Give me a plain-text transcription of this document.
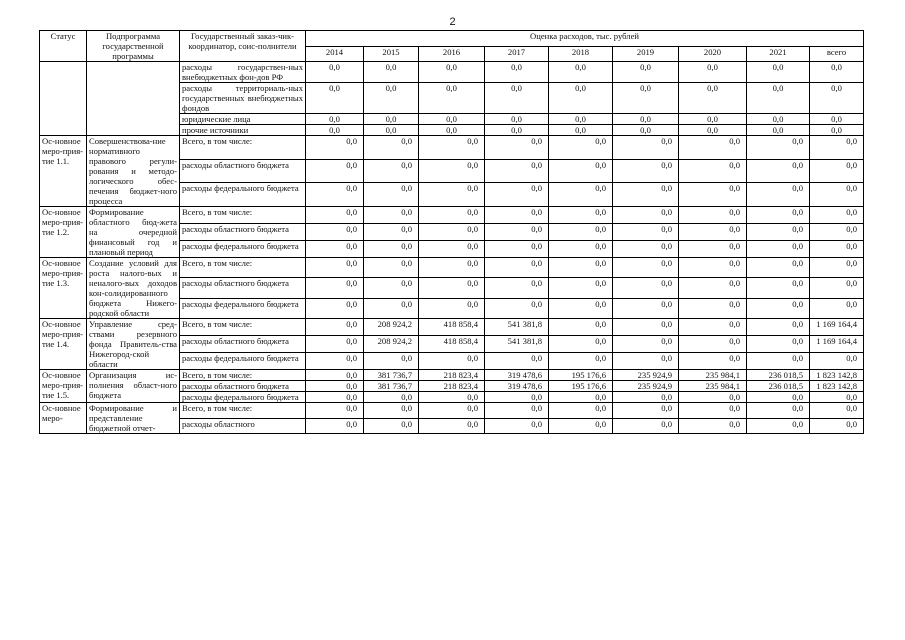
2
Статус	Подпрограмма государственной программы	Государственный заказ-чик-координатор, соис-полнители	Оценка расходов, тыс. рублей								
			2014	2015	2016	2017	2018	2019	2020	2021	всего
		расходы государствен-ных внебюджетных фон-дов РФ	0,0	0,0	0,0	0,0	0,0	0,0	0,0	0,0	0,0
		расходы территориаль-ных государственных внебюджетных фондов	0,0	0,0	0,0	0,0	0,0	0,0	0,0	0,0	0,0
		юридические лица	0,0	0,0	0,0	0,0	0,0	0,0	0,0	0,0	0,0
		прочие источники	0,0	0,0	0,0	0,0	0,0	0,0	0,0	0,0	0,0
Ос-новное меро-прия-тие 1.1.	Совершенствова-ние нормативного правового регули-рования и методо-логического обес-печения бюджет-ного процесса	Всего, в том числе:	0,0	0,0	0,0	0,0	0,0	0,0	0,0	0,0	0,0
		расходы областного бюджета	0,0	0,0	0,0	0,0	0,0	0,0	0,0	0,0	0,0
		расходы федерального бюджета	0,0	0,0	0,0	0,0	0,0	0,0	0,0	0,0	0,0
Ос-новное меро-прия-тие 1.2.	Формирование областного бюд-жета на очередной финансовый год и плановый период	Всего, в том числе:	0,0	0,0	0,0	0,0	0,0	0,0	0,0	0,0	0,0
		расходы областного бюджета	0,0	0,0	0,0	0,0	0,0	0,0	0,0	0,0	0,0
		расходы федерального бюджета	0,0	0,0	0,0	0,0	0,0	0,0	0,0	0,0	0,0
Ос-новное меро-прия-тие 1.3.	Создание условий для роста налого-вых и неналого-вых доходов кон-солидированного бюджета Нижего-родской области	Всего, в том числе:	0,0	0,0	0,0	0,0	0,0	0,0	0,0	0,0	0,0
		расходы областного бюджета	0,0	0,0	0,0	0,0	0,0	0,0	0,0	0,0	0,0
		расходы федерального бюджета	0,0	0,0	0,0	0,0	0,0	0,0	0,0	0,0	0,0
Ос-новное меро-прия-тие 1.4.	Управление сред-ствами резервного фонда Правитель-ства Нижегород-ской области	Всего, в том числе:	0,0	208 924,2	418 858,4	541 381,8	0,0	0,0	0,0	0,0	1 169 164,4
		расходы областного бюджета	0,0	208 924,2	418 858,4	541 381,8	0,0	0,0	0,0	0,0	1 169 164,4
		расходы федерального бюджета	0,0	0,0	0,0	0,0	0,0	0,0	0,0	0,0	0,0
Ос-новное меро-прия-тие 1.5.	Организация ис-полнения област-ного бюджета	Всего, в том числе:	0,0	381 736,7	218 823,4	319 478,6	195 176,6	235 924,9	235 984,1	236 018,5	1 823 142,8
		расходы областного бюджета	0,0	381 736,7	218 823,4	319 478,6	195 176,6	235 924,9	235 984,1	236 018,5	1 823 142,8
		расходы федерального бюджета	0,0	0,0	0,0	0,0	0,0	0,0	0,0	0,0	0,0
Ос-новное меро-	Формирование и представление бюджетной отчет-	Всего, в том числе:	0,0	0,0	0,0	0,0	0,0	0,0	0,0	0,0	0,0
		расходы областного	0,0	0,0	0,0	0,0	0,0	0,0	0,0	0,0	0,0
